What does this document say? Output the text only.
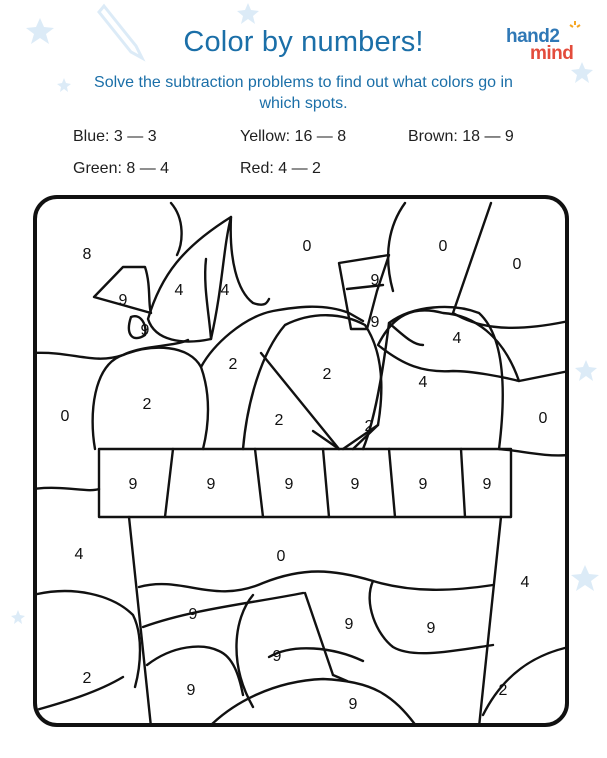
Color by numbers!
Solve the subtraction problems to find out what colors go in which spots.
hand2
mind
Blue: 3 — 3	Yellow: 16 — 8	Brown: 18 — 9
Green: 8 — 4	Red: 4 — 2
8	0	0
0
9
4 4
9
9	9
4
2
2	4
0
2
2	2	0
9	9	9	9	9	9
4	0
4
9
9	9
2
9
9	2
9
